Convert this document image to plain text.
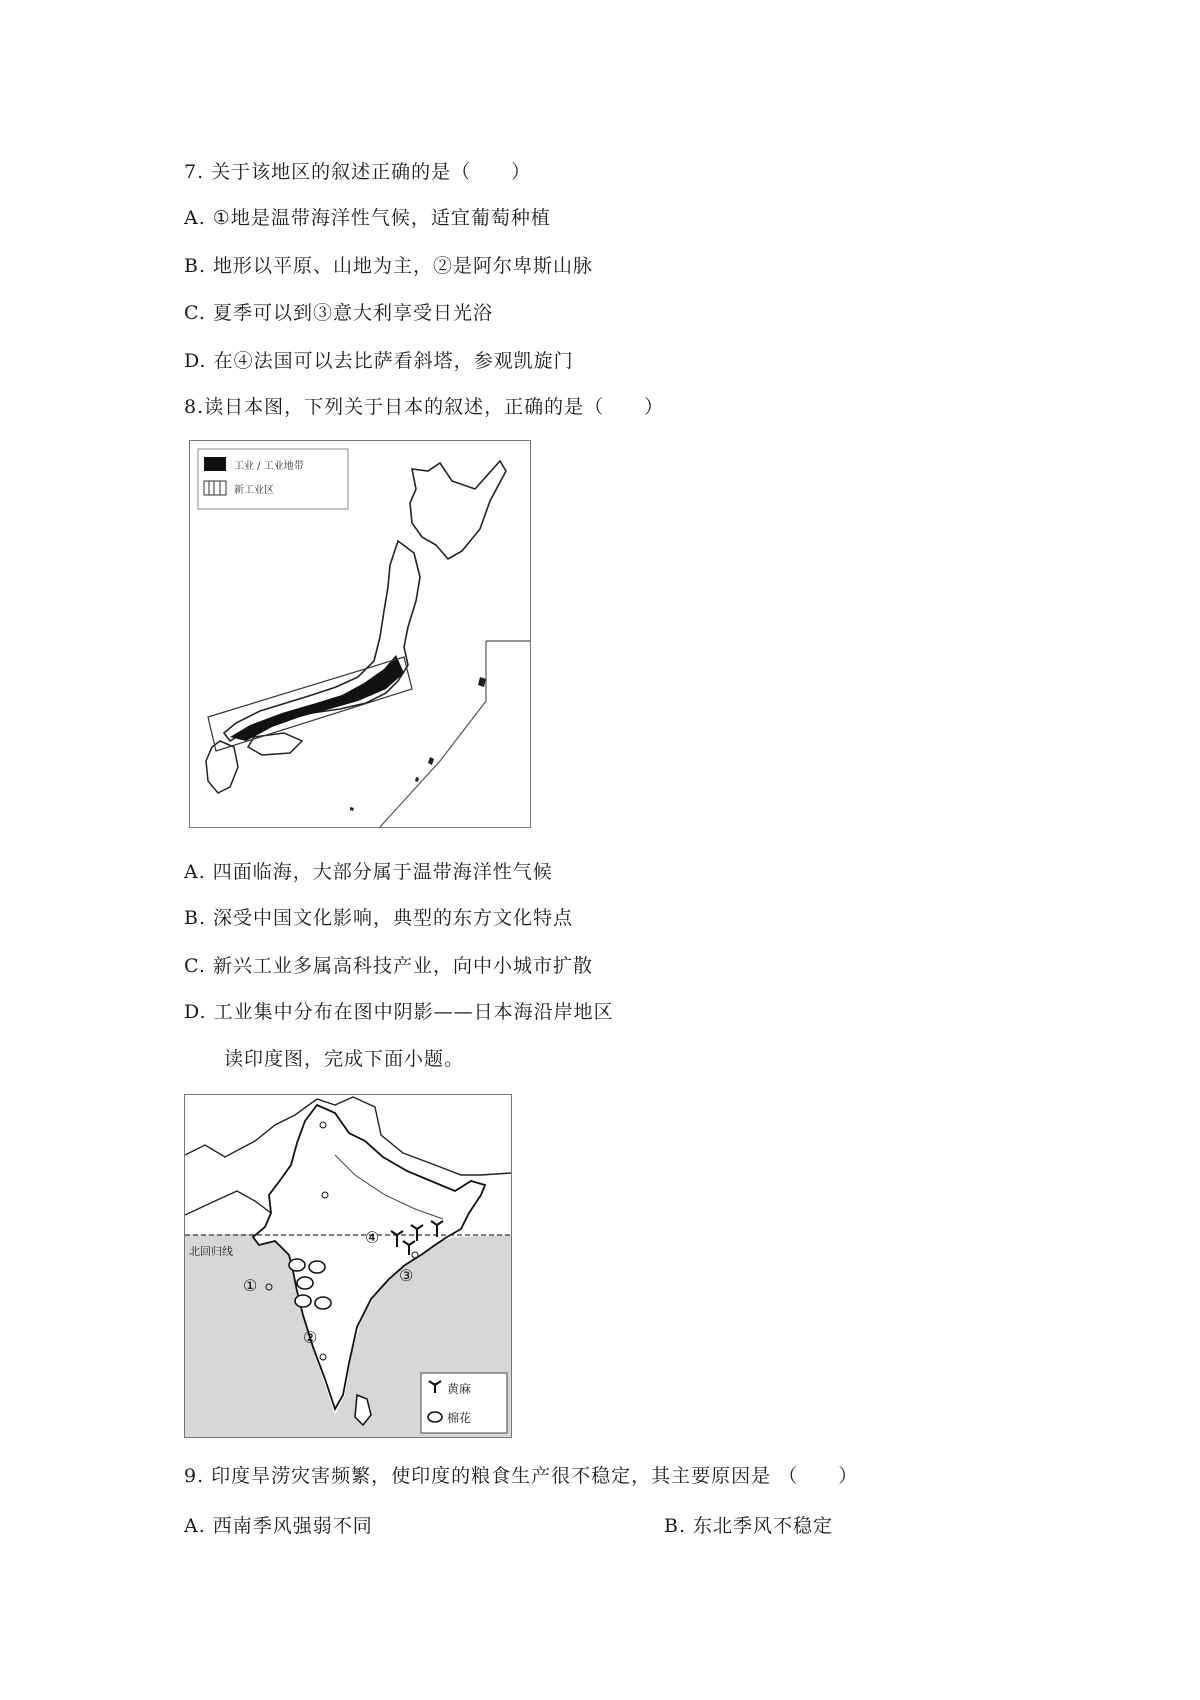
7. 关于该地区的叙述正确的是（　　）
A. ①地是温带海洋性气候，适宜葡萄种植
B. 地形以平原、山地为主，②是阿尔卑斯山脉
C. 夏季可以到③意大利享受日光浴
D. 在④法国可以去比萨看斜塔，参观凯旋门
8.读日本图，下列关于日本的叙述，正确的是（　　）
工业 / 工业地带
新工业区
A. 四面临海，大部分属于温带海洋性气候
B. 深受中国文化影响，典型的东方文化特点
C. 新兴工业多属高科技产业，向中小城市扩散
D. 工业集中分布在图中阴影——日本海沿岸地区
读印度图，完成下面小题。
北回归线
①
②
③
④
黄麻
棉花
9. 印度旱涝灾害频繁，使印度的粮食生产很不稳定，其主要原因是 （　　）
A. 西南季风强弱不同	B. 东北季风不稳定
